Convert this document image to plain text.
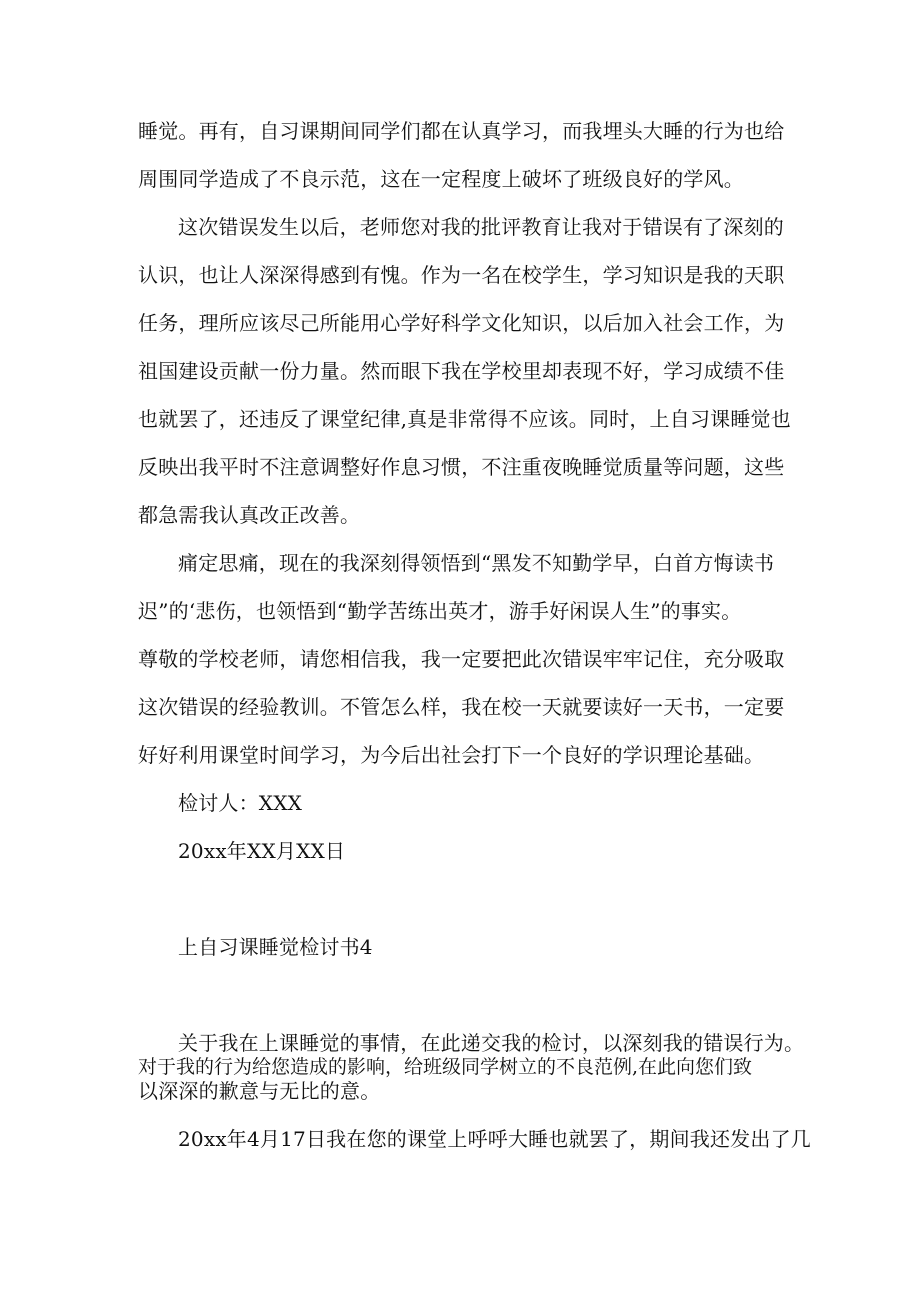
睡觉。再有，自习课期间同学们都在认真学习，而我埋头大睡的行为也给
周围同学造成了不良示范，这在一定程度上破坏了班级良好的学风。
这次错误发生以后，老师您对我的批评教育让我对于错误有了深刻的
认识，也让人深深得感到有愧。作为一名在校学生，学习知识是我的天职
任务，理所应该尽己所能用心学好科学文化知识，以后加入社会工作，为
祖国建设贡献一份力量。然而眼下我在学校里却表现不好，学习成绩不佳
也就罢了，还违反了课堂纪律,真是非常得不应该。同时，上自习课睡觉也
反映出我平时不注意调整好作息习惯，不注重夜晚睡觉质量等问题，这些
都急需我认真改正改善。
痛定思痛，现在的我深刻得领悟到“黑发不知勤学早，白首方悔读书
迟”的‘悲伤，也领悟到“勤学苦练出英才，游手好闲误人生”的事实。
尊敬的学校老师，请您相信我，我一定要把此次错误牢牢记住，充分吸取
这次错误的经验教训。不管怎么样，我在校一天就要读好一天书，一定要
好好利用课堂时间学习，为今后出社会打下一个良好的学识理论基础。
检讨人：XXX
20xx年XX月XX日
上自习课睡觉检讨书4
关于我在上课睡觉的事情，在此递交我的检讨，以深刻我的错误行为。
对于我的行为给您造成的影响，给班级同学树立的不良范例,在此向您们致
以深深的歉意与无比的意。
20xx年4月17日我在您的课堂上呼呼大睡也就罢了，期间我还发出了几
